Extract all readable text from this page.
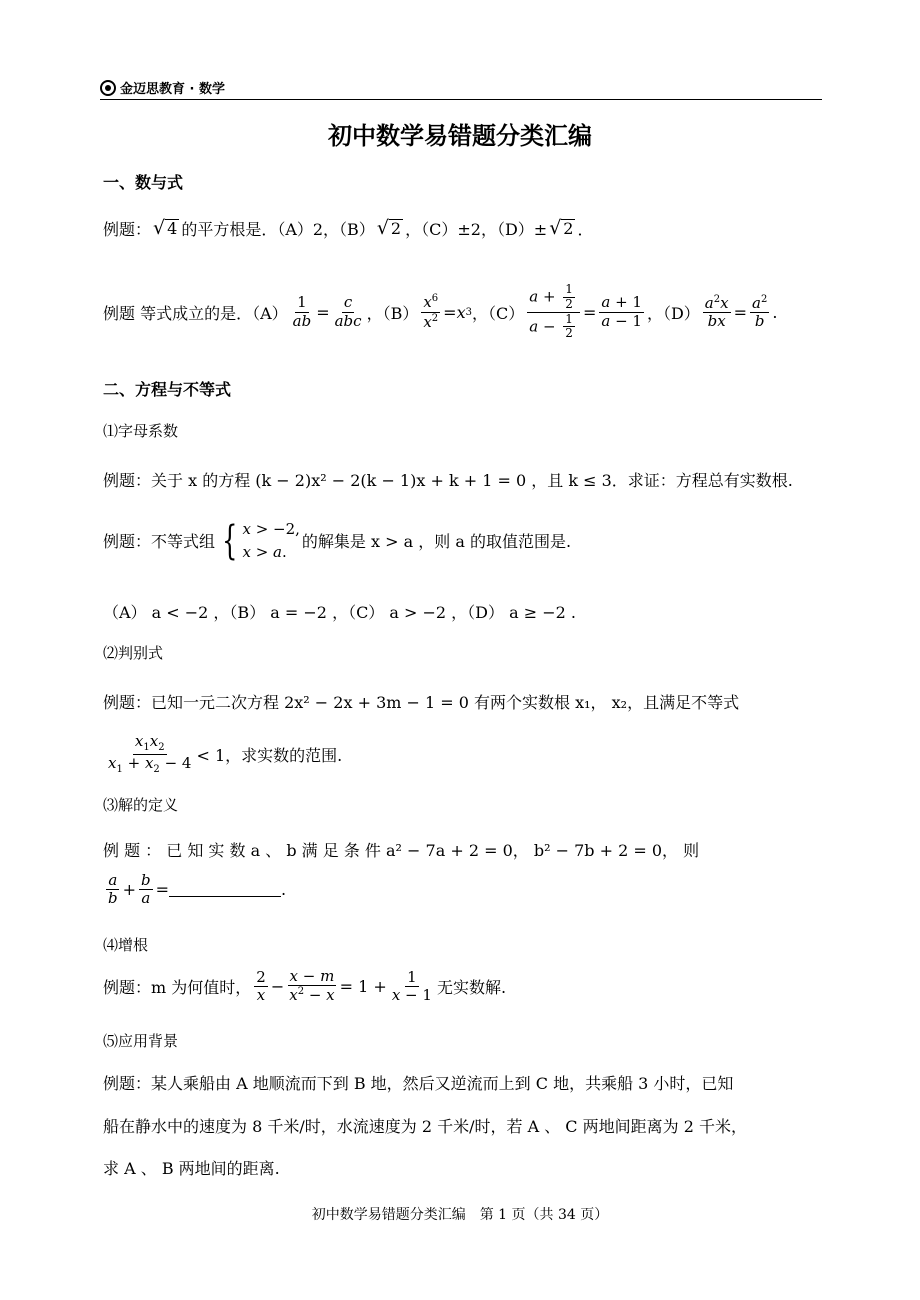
金迈思教育 · 数学
初中数学易错题分类汇编
一、数与式
例题： √ 4 的平方根是．（A）2，（B） √ 2 ，（C）±2，（D）± √ 2 ．
例题 等式成立的是．$(A) \frac{1}{ab} = \frac{c}{\text{abc}}$ ，$(B) \frac{x^6}{x^2} = x$ 3 ，$(C) \frac{a + \frac{1}{2}}{a - \frac{1}{2}} = \frac{a + 1}{a - 1}$ ，$(D) \frac{a^2x}{bx} = \frac{a^2}{b}$ .
二、方程与不等式
⑴字母系数
例题：关于 x 的方程 (k − 2)x² − 2(k − 1)x + k + 1 = 0 ，且 k ≤ 3．求证：方程总有实数根.
例题：不等式组 { x > −2,
x > a.
的解集是 x > a ，则 a 的取值范围是.
（A） a < −2 ，（B） a = −2 ，（C） a > −2 ，（D） a ≥ −2 .
⑵判别式
例题：已知一元二次方程 2x² − 2x + 3m − 1 = 0 有两个实数根 x₁， x₂，且满足不等式
$\frac{x_1x_2}{x_1 + x_2 - 4} < 1$，求实数的范围.
⑶解的定义
例 题 ： 已 知 实 数 a 、 b 满 足 条 件 a² − 7a + 2 = 0， b² − 7b + 2 = 0， 则
$\frac{a}{b} + \frac{b}{a}$ =	.
⑷增根
例题：m 为何值时， $\frac{2}{x} - \frac{x - m}{x^2 - x} = 1 + \frac{1}{x - 1}$ 无实数解.
⑸应用背景
例题：某人乘船由 A 地顺流而下到 B 地，然后又逆流而上到 C 地，共乘船 3 小时，已知
船在静水中的速度为 8 千米/时，水流速度为 2 千米/时，若 A 、 C 两地间距离为 2 千米，
求 A 、 B 两地间的距离.
初中数学易错题分类汇编　第 1 页（共 34 页）
